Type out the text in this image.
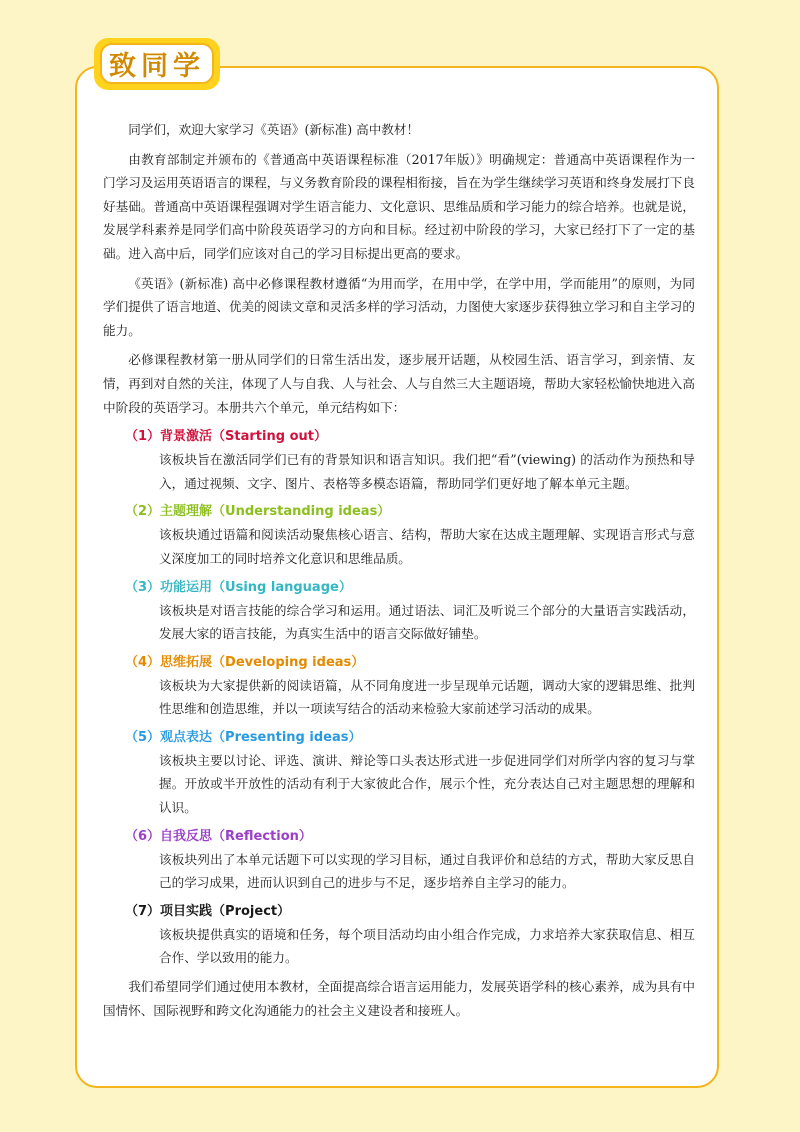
致同学

同学们，欢迎大家学习《英语》(新标准) 高中教材！

由教育部制定并颁布的《普通高中英语课程标准（2017年版）》明确规定：普通高中英语课程作为一门学习及运用英语语言的课程，与义务教育阶段的课程相衔接，旨在为学生继续学习英语和终身发展打下良好基础。普通高中英语课程强调对学生语言能力、文化意识、思维品质和学习能力的综合培养。也就是说，发展学科素养是同学们高中阶段英语学习的方向和目标。经过初中阶段的学习，大家已经打下了一定的基础。进入高中后，同学们应该对自己的学习目标提出更高的要求。

《英语》(新标准) 高中必修课程教材遵循“为用而学，在用中学，在学中用，学而能用”的原则，为同学们提供了语言地道、优美的阅读文章和灵活多样的学习活动，力图使大家逐步获得独立学习和自主学习的能力。

必修课程教材第一册从同学们的日常生活出发，逐步展开话题，从校园生活、语言学习，到亲情、友情，再到对自然的关注，体现了人与自我、人与社会、人与自然三大主题语境，帮助大家轻松愉快地进入高中阶段的英语学习。本册共六个单元，单元结构如下：

（1）背景激活（Starting out）
该板块旨在激活同学们已有的背景知识和语言知识。我们把“看”(viewing) 的活动作为预热和导入，通过视频、文字、图片、表格等多模态语篇，帮助同学们更好地了解本单元主题。
（2）主题理解（Understanding ideas）
该板块通过语篇和阅读活动聚焦核心语言、结构，帮助大家在达成主题理解、实现语言形式与意义深度加工的同时培养文化意识和思维品质。
（3）功能运用（Using language）
该板块是对语言技能的综合学习和运用。通过语法、词汇及听说三个部分的大量语言实践活动，发展大家的语言技能，为真实生活中的语言交际做好铺垫。
（4）思维拓展（Developing ideas）
该板块为大家提供新的阅读语篇，从不同角度进一步呈现单元话题，调动大家的逻辑思维、批判性思维和创造思维，并以一项读写结合的活动来检验大家前述学习活动的成果。
（5）观点表达（Presenting ideas）
该板块主要以讨论、评选、演讲、辩论等口头表达形式进一步促进同学们对所学内容的复习与掌握。开放或半开放性的活动有利于大家彼此合作，展示个性，充分表达自己对主题思想的理解和认识。
（6）自我反思（Reflection）
该板块列出了本单元话题下可以实现的学习目标，通过自我评价和总结的方式，帮助大家反思自己的学习成果，进而认识到自己的进步与不足，逐步培养自主学习的能力。
（7）项目实践（Project）
该板块提供真实的语境和任务，每个项目活动均由小组合作完成，力求培养大家获取信息、相互合作、学以致用的能力。

我们希望同学们通过使用本教材，全面提高综合语言运用能力，发展英语学科的核心素养，成为具有中国情怀、国际视野和跨文化沟通能力的社会主义建设者和接班人。
